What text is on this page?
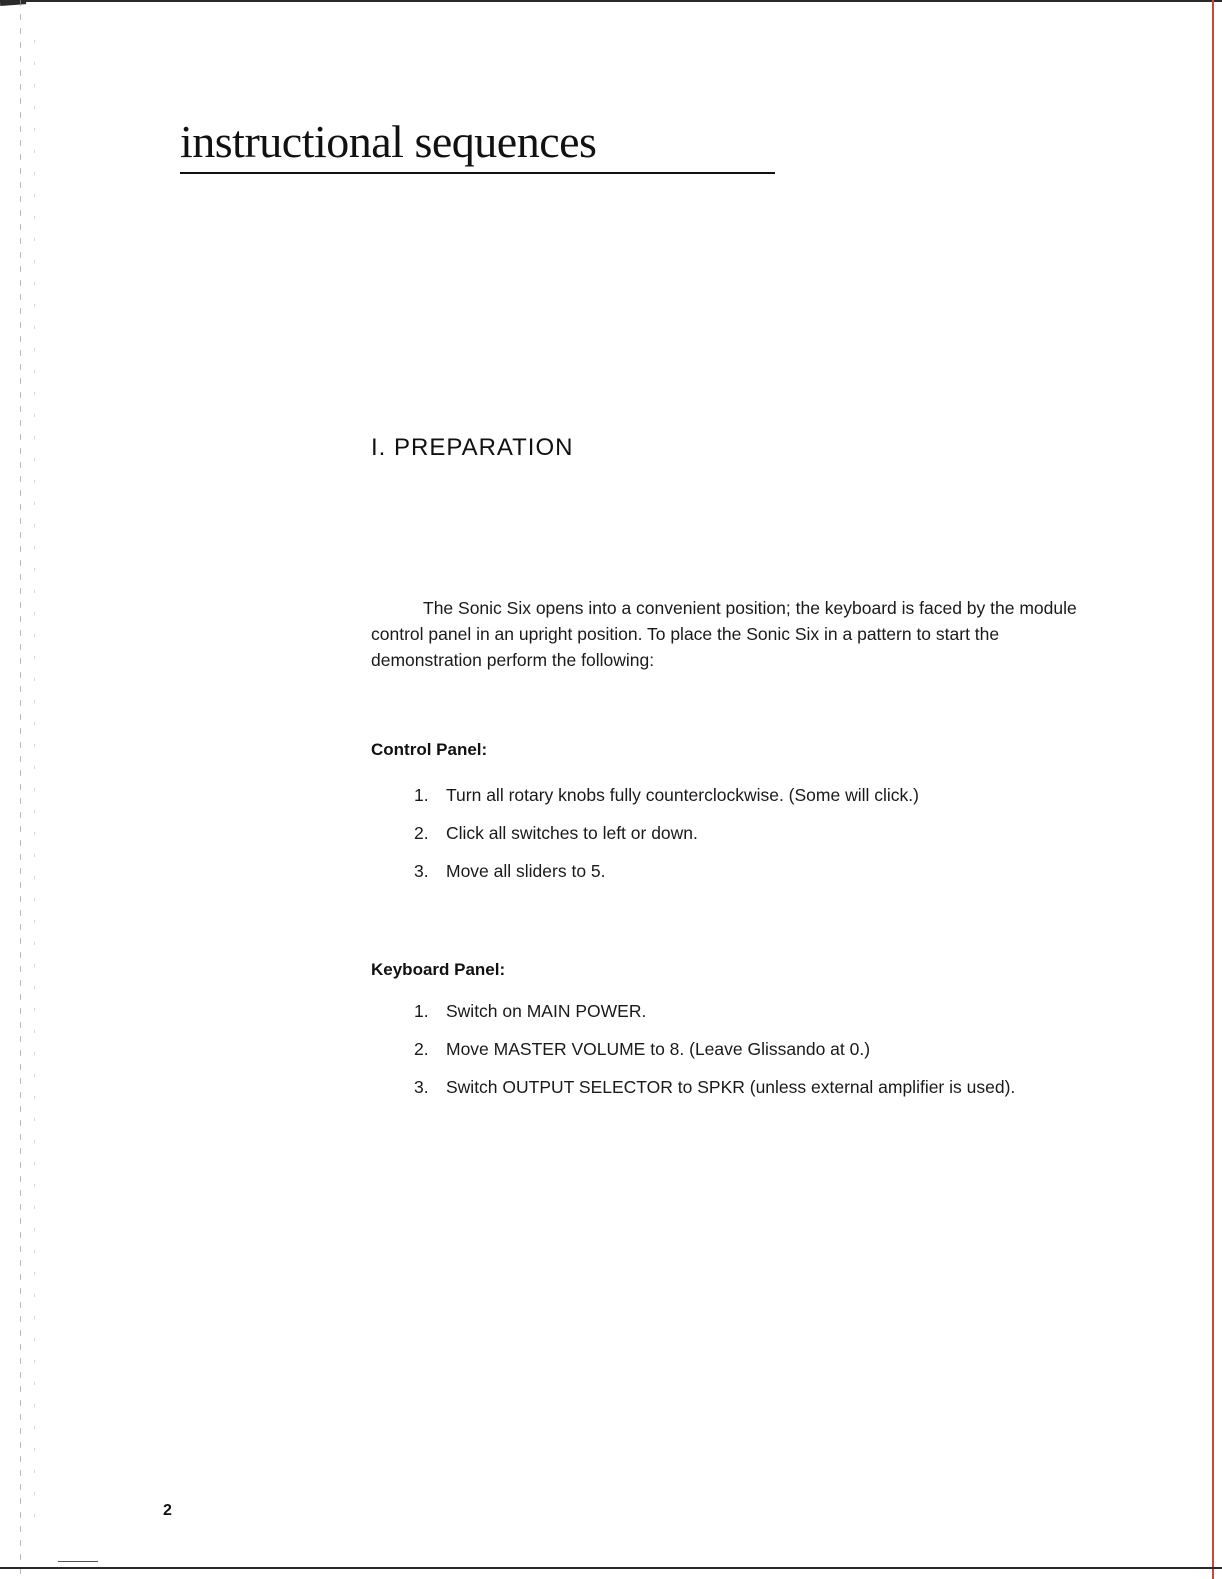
instructional sequences
I. PREPARATION

The Sonic Six opens into a convenient position; the keyboard is faced by the module control panel in an upright position. To place the Sonic Six in a pattern to start the demonstration perform the following:

Control Panel:
1. Turn all rotary knobs fully counterclockwise. (Some will click.)
2. Click all switches to left or down.
3. Move all sliders to 5.
Keyboard Panel:
1. Switch on MAIN POWER.
2. Move MASTER VOLUME to 8. (Leave Glissando at 0.)
3. Switch OUTPUT SELECTOR to SPKR (unless external amplifier is used).
2
